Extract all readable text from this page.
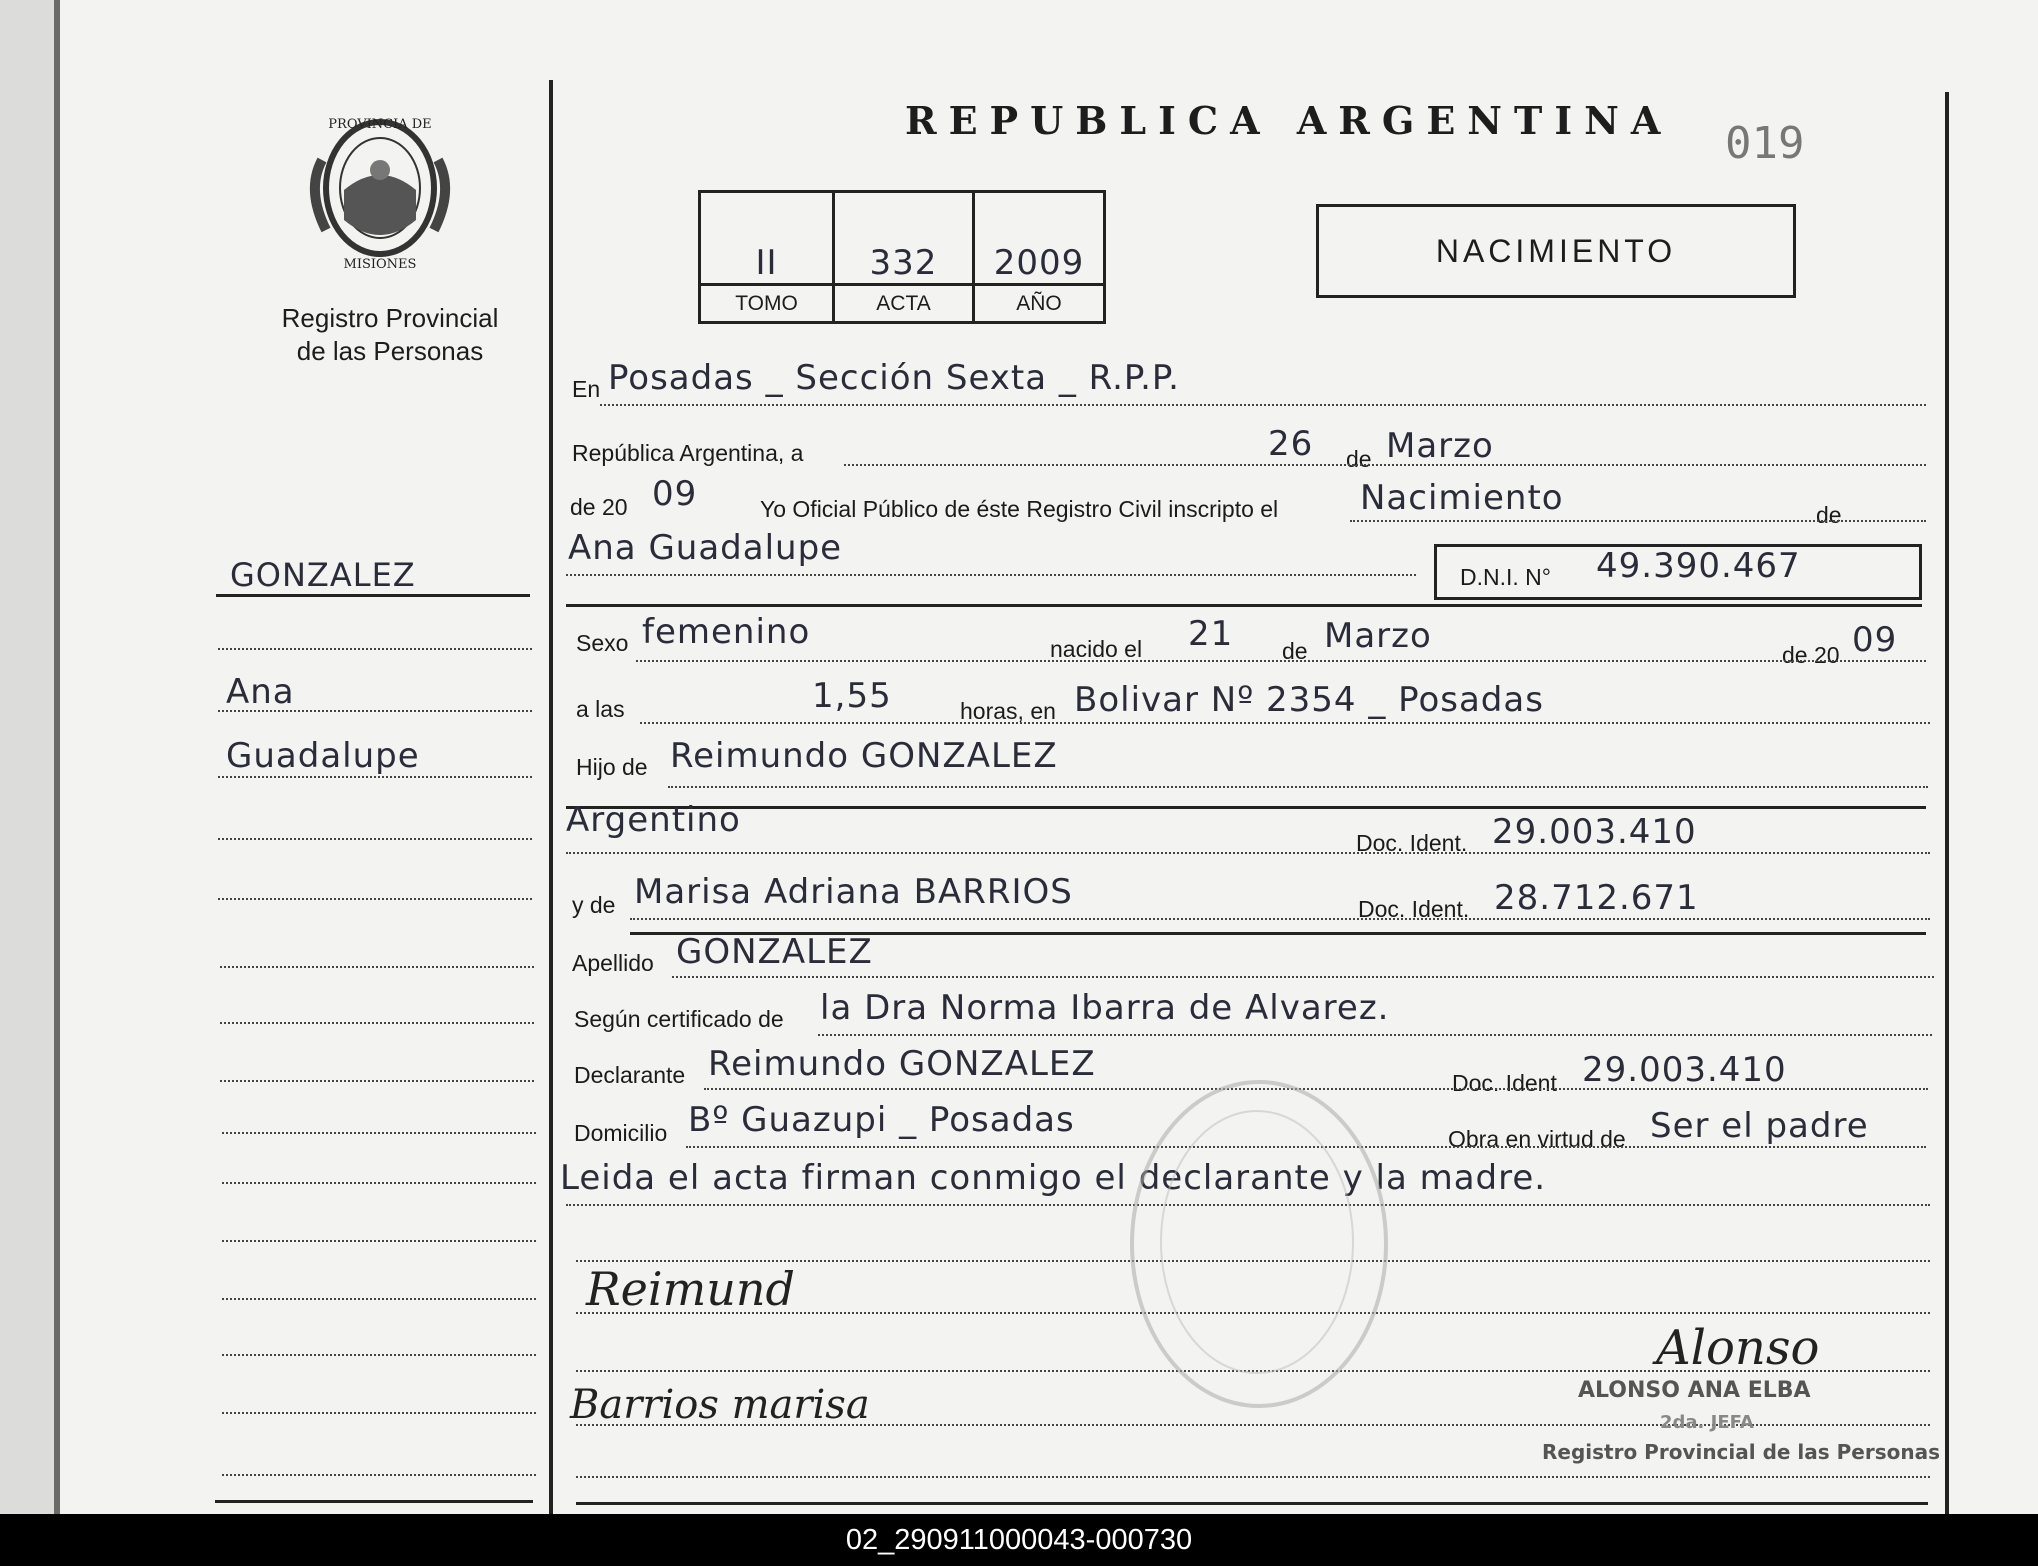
PROVINCIA DE
MISIONES
Registro Provincial
de las Personas
REPUBLICA ARGENTINA 019
II	332	2009
TOMO	ACTA	AÑO
NACIMIENTO
GONZALEZ
Ana
Guadalupe
En Posadas _ Sección Sexta _ R.P.P.
República Argentina, a	26 de Marzo
de 20 09	Yo Oficial Público de éste Registro Civil inscripto el Nacimiento	de
Ana Guadalupe
D.N.I. N° 49.390.467
Sexo femenino	nacido el 21 de Marzo	de 20 09
a las	1,55	horas, en Bolivar Nº 2354 _ Posadas
Hijo de Reimundo GONZALEZ
Argentino
Doc. Ident. 29.003.410
y de Marisa Adriana BARRIOS	Doc. Ident. 28.712.671
Apellido GONZALEZ
Según certificado de la Dra Norma Ibarra de Alvarez.
Declarante Reimundo GONZALEZ	Doc. Ident 29.003.410
Domicilio Bº Guazupi _ Posadas	Obra en virtud de Ser el padre
Leida el acta firman conmigo el declarante y la madre.
Reimund
Barrios marisa
Alonso
ALONSO ANA ELBA
2da. JEFA
Registro Provincial de las Personas
02_290911000043-000730
